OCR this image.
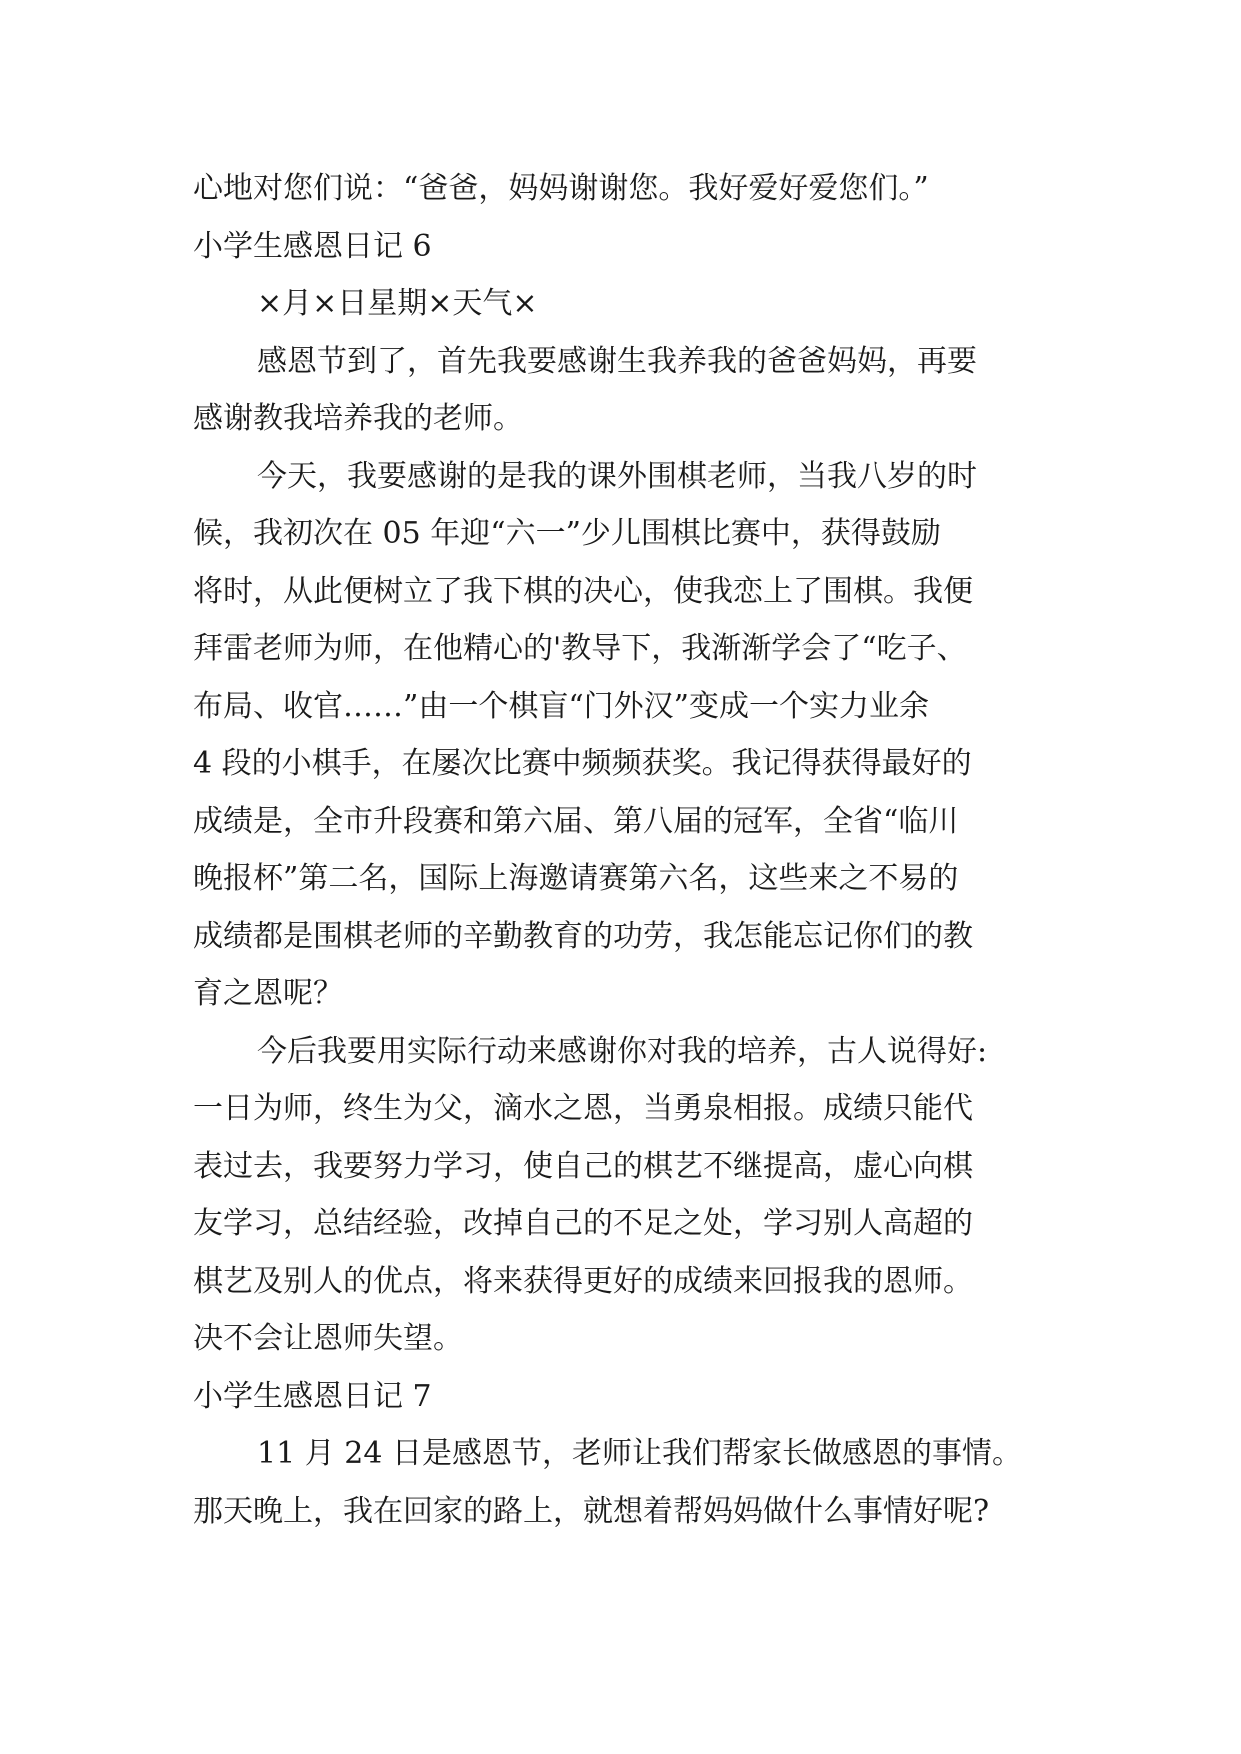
心地对您们说：“爸爸，妈妈谢谢您。我好爱好爱您们。”
小学生感恩日记 6
×月×日星期×天气×
感恩节到了，首先我要感谢生我养我的爸爸妈妈，再要
感谢教我培养我的老师。
今天，我要感谢的是我的课外围棋老师，当我八岁的时
候，我初次在 05 年迎“六一”少儿围棋比赛中，获得鼓励
将时，从此便树立了我下棋的决心，使我恋上了围棋。我便
拜雷老师为师，在他精心的'教导下，我渐渐学会了“吃子、
布局、收官……”由一个棋盲“门外汉”变成一个实力业余
4 段的小棋手，在屡次比赛中频频获奖。我记得获得最好的
成绩是，全市升段赛和第六届、第八届的冠军，全省“临川
晚报杯”第二名，国际上海邀请赛第六名，这些来之不易的
成绩都是围棋老师的辛勤教育的功劳，我怎能忘记你们的教
育之恩呢？
今后我要用实际行动来感谢你对我的培养，古人说得好:
一日为师，终生为父，滴水之恩，当勇泉相报。成绩只能代
表过去，我要努力学习，使自己的棋艺不继提高，虚心向棋
友学习，总结经验，改掉自己的不足之处，学习别人高超的
棋艺及别人的优点，将来获得更好的成绩来回报我的恩师。
决不会让恩师失望。
小学生感恩日记 7
11 月 24 日是感恩节，老师让我们帮家长做感恩的事情。
那天晚上，我在回家的路上，就想着帮妈妈做什么事情好呢?
